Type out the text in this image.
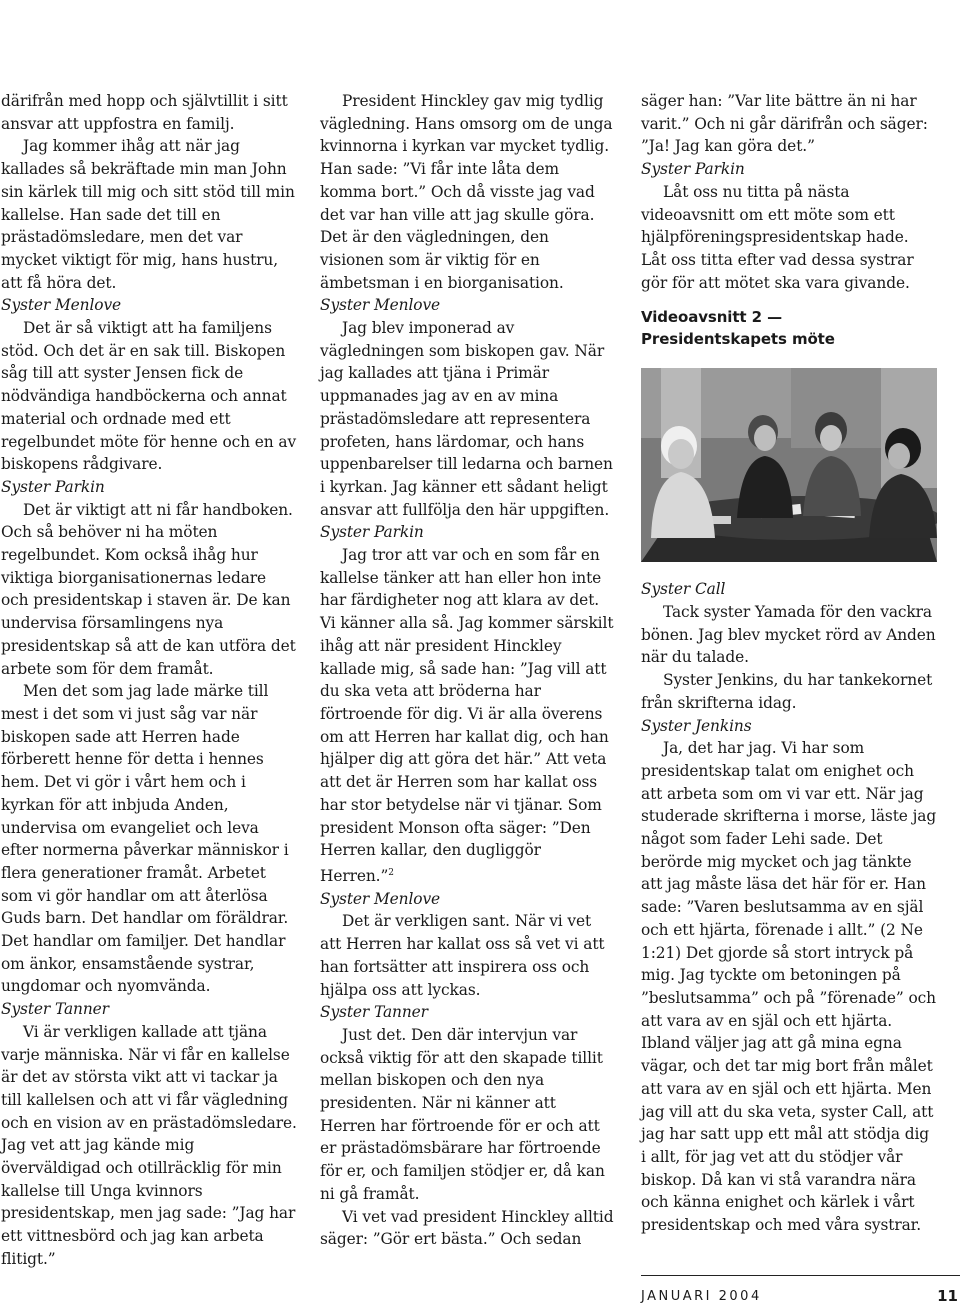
därifrån med hopp och självtillit i sitt ansvar att uppfostra en familj.

Jag kommer ihåg att när jag kallades så bekräftade min man John sin kärlek till mig och sitt stöd till min kallelse. Han sade det till en prästadömsledare, men det var mycket viktigt för mig, hans hustru, att få höra det.

Syster Menlove

Det är så viktigt att ha familjens stöd. Och det är en sak till. Biskopen såg till att syster Jensen fick de nödvändiga handböckerna och annat material och ordnade med ett regelbundet möte för henne och en av biskopens rådgivare.

Syster Parkin

Det är viktigt att ni får handboken. Och så behöver ni ha möten regelbundet. Kom också ihåg hur viktiga biorganisationernas ledare och presidentskap i staven är. De kan undervisa församlingens nya presidentskap så att de kan utföra det arbete som för dem framåt.

Men det som jag lade märke till mest i det som vi just såg var när biskopen sade att Herren hade förberett henne för detta i hennes hem. Det vi gör i vårt hem och i kyrkan för att inbjuda Anden, undervisa om evangeliet och leva efter normerna påverkar människor i flera generationer framåt. Arbetet som vi gör handlar om att återlösa Guds barn. Det handlar om föräldrar. Det handlar om familjer. Det handlar om änkor, ensamstående systrar, ungdomar och nyomvända.

Syster Tanner

Vi är verkligen kallade att tjäna varje människa. När vi får en kallelse är det av största vikt att vi tackar ja till kallelsen och att vi får vägledning och en vision av en prästadömsledare. Jag vet att jag kände mig överväldigad och otillräcklig för min kallelse till Unga kvinnors presidentskap, men jag sade: ”Jag har ett vittnesbörd och jag kan arbeta flitigt.”

President Hinckley gav mig tydlig vägledning. Hans omsorg om de unga kvinnorna i kyrkan var mycket tydlig. Han sade: ”Vi får inte låta dem komma bort.” Och då visste jag vad det var han ville att jag skulle göra. Det är den vägledningen, den visionen som är viktig för en ämbetsman i en biorganisation.

Syster Menlove

Jag blev imponerad av vägledningen som biskopen gav. När jag kallades att tjäna i Primär uppmanades jag av en av mina prästadömsledare att representera profeten, hans lärdomar, och hans uppenbarelser till ledarna och barnen i kyrkan. Jag känner ett sådant heligt ansvar att fullfölja den här uppgiften.

Syster Parkin

Jag tror att var och en som får en kallelse tänker att han eller hon inte har färdigheter nog att klara av det. Vi känner alla så. Jag kommer särskilt ihåg att när president Hinckley kallade mig, så sade han: ”Jag vill att du ska veta att bröderna har förtroende för dig. Vi är alla överens om att Herren har kallat dig, och han hjälper dig att göra det här.” Att veta att det är Herren som har kallat oss har stor betydelse när vi tjänar. Som president Monson ofta säger: ”Den Herren kallar, den dugliggör Herren.”$^2$

Syster Menlove

Det är verkligen sant. När vi vet att Herren har kallat oss så vet vi att han fortsätter att inspirera oss och hjälpa oss att lyckas.

Syster Tanner

Just det. Den där intervjun var också viktig för att den skapade tillit mellan biskopen och den nya presidenten. När ni känner att Herren har förtroende för er och att er prästadömsbärare har förtroende för er, och familjen stödjer er, då kan ni gå framåt.

Vi vet vad president Hinckley alltid säger: ”Gör ert bästa.” Och sedan

säger han: ”Var lite bättre än ni har varit.” Och ni går därifrån och säger: ”Ja! Jag kan göra det.”

Syster Parkin

Låt oss nu titta på nästa videoavsnitt om ett möte som ett hjälpföreningspresidentskap hade. Låt oss titta efter vad dessa systrar gör för att mötet ska vara givande.

Videoavsnitt 2 —
Presidentskapets möte

Syster Call

Tack syster Yamada för den vackra bönen. Jag blev mycket rörd av Anden när du talade.

Syster Jenkins, du har tankekornet från skrifterna idag.

Syster Jenkins

Ja, det har jag. Vi har som presidentskap talat om enighet och att arbeta som om vi var ett. När jag studerade skrifterna i morse, läste jag något som fader Lehi sade. Det berörde mig mycket och jag tänkte att jag måste läsa det här för er. Han sade: ”Varen beslutsamma av en själ och ett hjärta, förenade i allt.” (2 Ne 1:21) Det gjorde så stort intryck på mig. Jag tyckte om betoningen på ”beslutsamma” och på ”förenade” och att vara av en själ och ett hjärta. Ibland väljer jag att gå mina egna vägar, och det tar mig bort från målet att vara av en själ och ett hjärta. Men jag vill att du ska veta, syster Call, att jag har satt upp ett mål att stödja dig i allt, för jag vet att du stödjer vår biskop. Då kan vi stå varandra nära och känna enighet och kärlek i vårt presidentskap och med våra systrar.

JANUARI 2004	11
